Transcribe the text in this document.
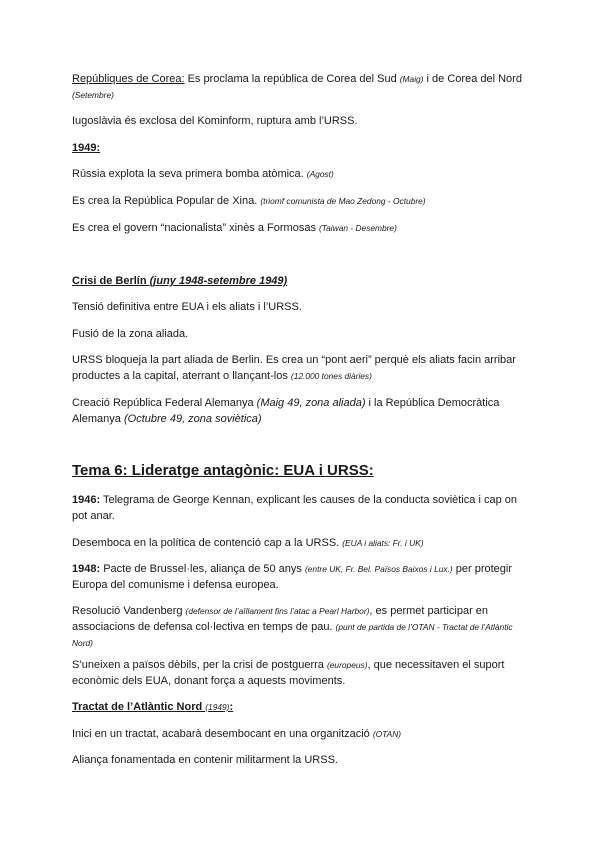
Repúbliques de Corea: Es proclama la república de Corea del Sud (Maig) i de Corea del Nord (Setembre)

Iugoslàvia és exclosa del Kominform, ruptura amb l’URSS.

1949:

Rússia explota la seva primera bomba atòmica. (Agost)

Es crea la República Popular de Xina. (triomf comunista de Mao Zedong - Octubre)

Es crea el govern “nacionalista” xinès a Formosas (Taiwan - Desembre)

Crisi de Berlín (juny 1948-setembre 1949)

Tensió definitiva entre EUA i els aliats i l’URSS.

Fusió de la zona aliada.

URSS bloqueja la part aliada de Berlin. Es crea un “pont aeri” perquè els aliats facin arribar productes a la capital, aterrant o llançant-los (12.000 tones diàries)

Creació República Federal Alemanya (Maig 49, zona aliada) i la República Democràtica Alemanya (Octubre 49, zona soviètica)

Tema 6: Lideratge antagònic: EUA i URSS:

1946: Telegrama de George Kennan, explicant les causes de la conducta soviètica i cap on pot anar.

Desemboca en la política de contenció cap a la URSS. (EUA i aliats: Fr. i UK)

1948: Pacte de Brussel·les, aliança de 50 anys (entre UK, Fr. Bel. Països Baixos i Lux.) per protegir Europa del comunisme i defensa europea.

Resolució Vandenberg (defensor de l’aïllament fins l’atac a Pearl Harbor), es permet participar en associacions de defensa col·lectiva en temps de pau. (punt de partida de l’OTAN - Tractat de l’Atlàntic Nord)

S’uneixen a països dèbils, per la crisi de postguerra (europeus), que necessitaven el suport econòmic dels EUA, donant força a aquests moviments.

Tractat de l’Atlàntic Nord (1949):

Inici en un tractat, acabarà desembocant en una organització (OTAN)

Aliança fonamentada en contenir militarment la URSS.
